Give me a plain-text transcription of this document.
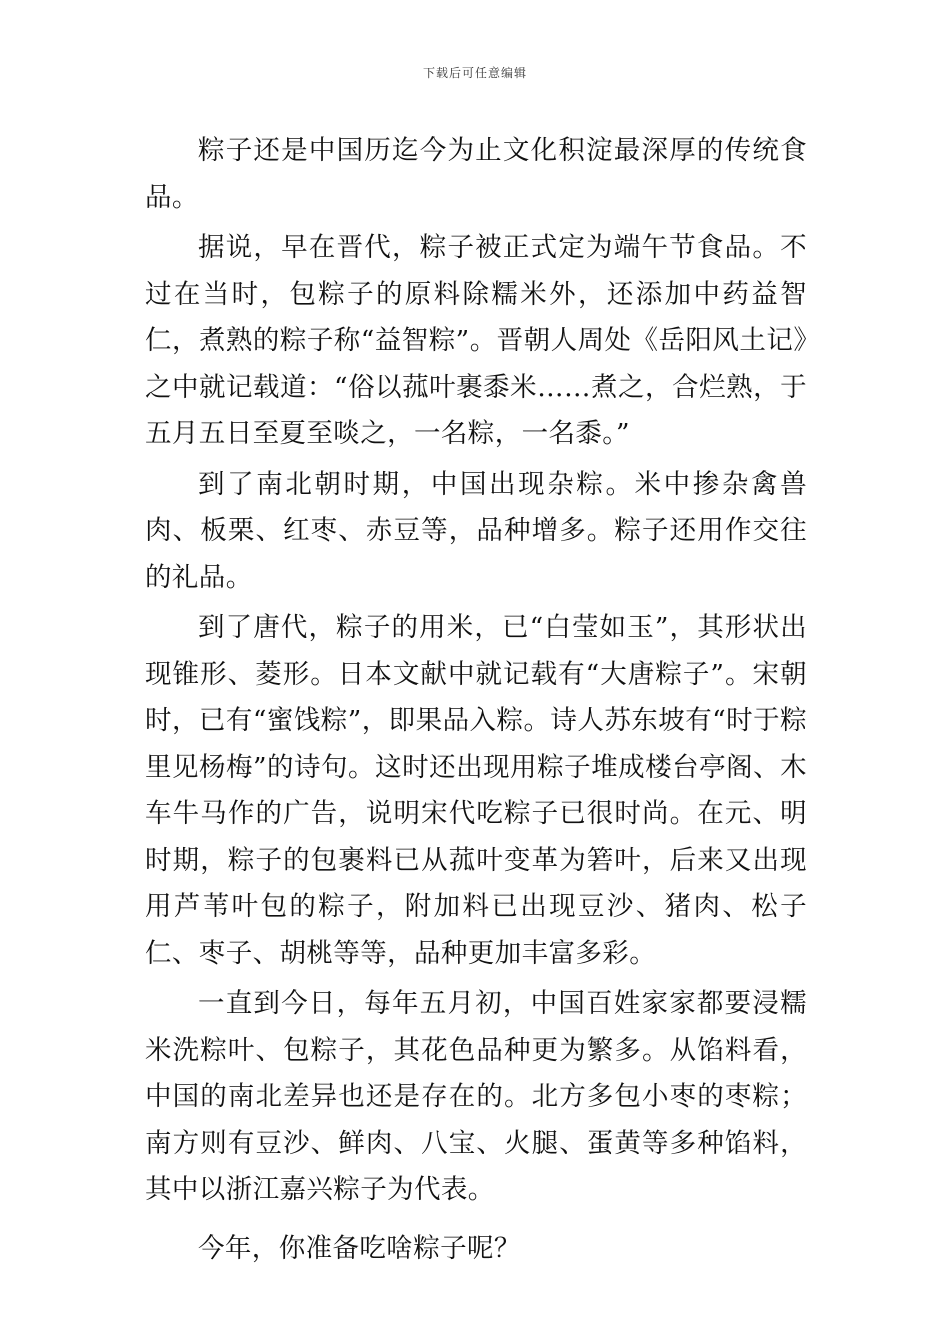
下载后可任意编辑

粽子还是中国历迄今为止文化积淀最深厚的传统食品。

据说，早在晋代，粽子被正式定为端午节食品。不过在当时，包粽子的原料除糯米外，还添加中药益智仁，煮熟的粽子称“益智粽”。晋朝人周处《岳阳风土记》之中就记载道：“俗以菰叶裹黍米……煮之，合烂熟，于五月五日至夏至啖之，一名粽，一名黍。”

到了南北朝时期，中国出现杂粽。米中掺杂禽兽肉、板栗、红枣、赤豆等，品种增多。粽子还用作交往的礼品。

到了唐代，粽子的用米，已“白莹如玉”，其形状出现锥形、菱形。日本文献中就记载有“大唐粽子”。宋朝时，已有“蜜饯粽”，即果品入粽。诗人苏东坡有“时于粽里见杨梅”的诗句。这时还出现用粽子堆成楼台亭阁、木车牛马作的广告，说明宋代吃粽子已很时尚。在元、明时期，粽子的包裹料已从菰叶变革为箬叶，后来又出现用芦苇叶包的粽子，附加料已出现豆沙、猪肉、松子仁、枣子、胡桃等等，品种更加丰富多彩。

一直到今日，每年五月初，中国百姓家家都要浸糯米洗粽叶、包粽子，其花色品种更为繁多。从馅料看，中国的南北差异也还是存在的。北方多包小枣的枣粽；南方则有豆沙、鲜肉、八宝、火腿、蛋黄等多种馅料，其中以浙江嘉兴粽子为代表。

今年，你准备吃啥粽子呢？
